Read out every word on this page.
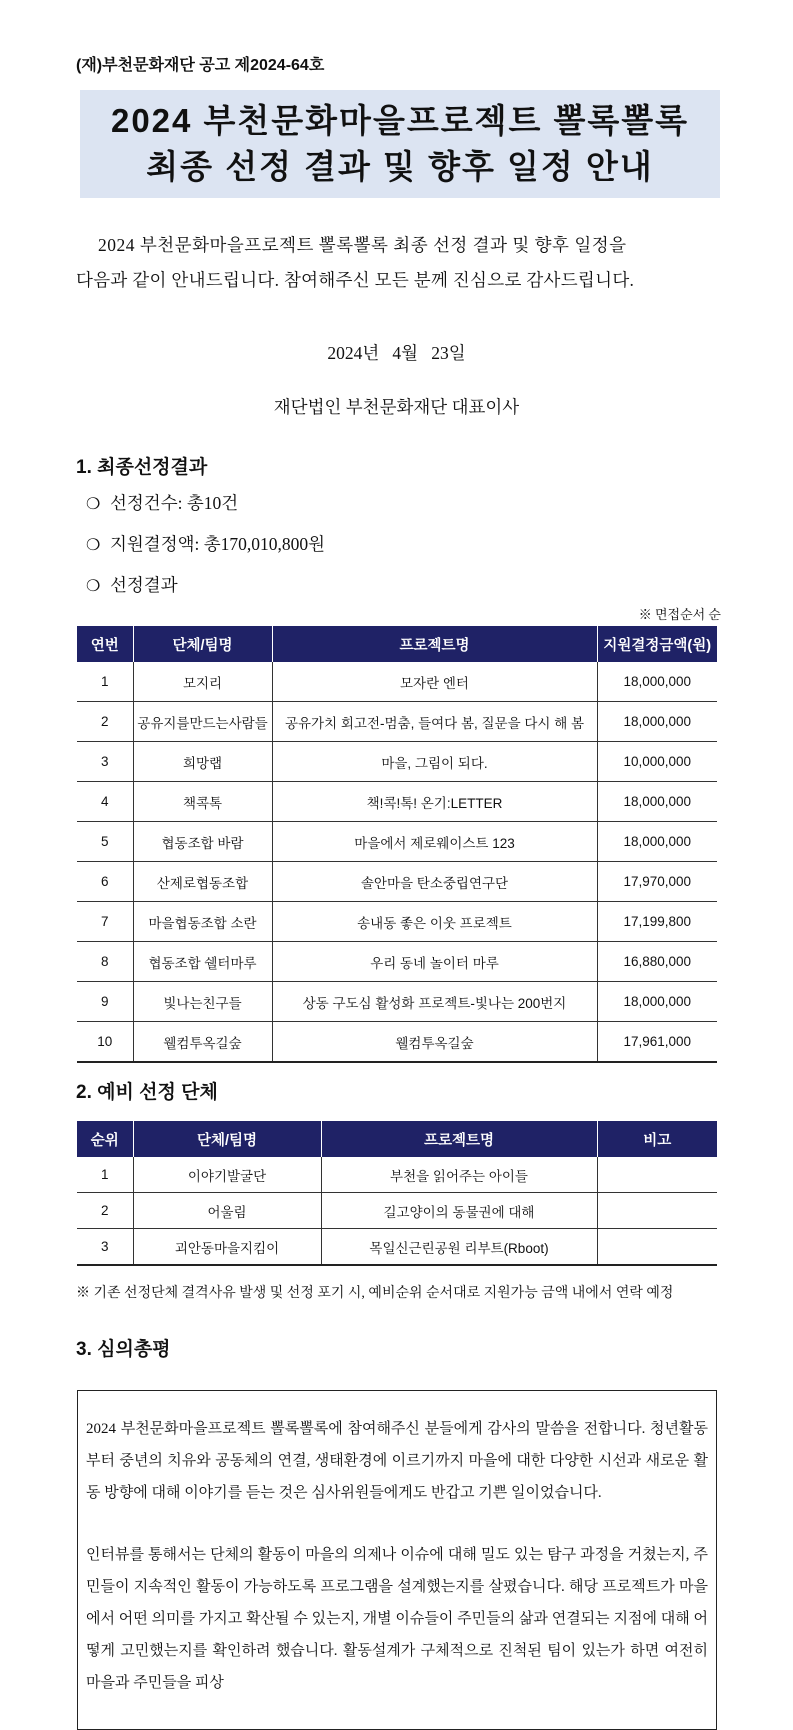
(재)부천문화재단 공고 제2024-64호
2024 부천문화마을프로젝트 뽈록뽈록
최종 선정 결과 및 향후 일정 안내
2024 부천문화마을프로젝트 뽈록뽈록 최종 선정 결과 및 향후 일정을
다음과 같이 안내드립니다. 참여해주신 모든 분께 진심으로 감사드립니다.
2024년   4월   23일
재단법인 부천문화재단 대표이사
1. 최종선정결과
❍ 선정건수: 총10건
❍ 지원결정액: 총170,010,800원
❍ 선정결과
※ 면접순서 순
연번	단체/팀명	프로젝트명	지원결정금액(원)
1	모지리	모자란 엔터	18,000,000
2	공유지를만드는사람들	공유가치 회고전-멈춤, 들여다 봄, 질문을 다시 해 봄	18,000,000
3	희망랩	마을, 그림이 되다.	10,000,000
4	책콕톡	책!콕!톡! 온기:LETTER	18,000,000
5	협동조합 바람	마을에서 제로웨이스트 123	18,000,000
6	산제로협동조합	솔안마을 탄소중립연구단	17,970,000
7	마을협동조합 소란	송내동 좋은 이웃 프로젝트	17,199,800
8	협동조합 쉘터마루	우리 동네 놀이터 마루	16,880,000
9	빛나는친구들	상동 구도심 활성화 프로젝트-빛나는 200번지	18,000,000
10	웰컴투옥길숲	웰컴투옥길숲	17,961,000
2. 예비 선정 단체
순위	단체/팀명	프로젝트명	비고
1	이야기발굴단	부천을 읽어주는 아이들	
2	어울림	길고양이의 동물권에 대해	
3	괴안동마을지킴이	목일신근린공원 리부트(Rboot)	
※ 기존 선정단체 결격사유 발생 및 선정 포기 시, 예비순위 순서대로 지원가능 금액 내에서 연락 예정
3. 심의총평

2024 부천문화마을프로젝트 뽈록뽈록에 참여해주신 분들에게 감사의 말씀을 전합니다. 청년활동부터 중년의 치유와 공동체의 연결, 생태환경에 이르기까지 마을에 대한 다양한 시선과 새로운 활동 방향에 대해 이야기를 듣는 것은 심사위원들에게도 반갑고 기쁜 일이었습니다.

인터뷰를 통해서는 단체의 활동이 마을의 의제나 이슈에 대해 밀도 있는 탐구 과정을 거쳤는지, 주민들이 지속적인 활동이 가능하도록 프로그램을 설계했는지를 살폈습니다. 해당 프로젝트가 마을에서 어떤 의미를 가지고 확산될 수 있는지, 개별 이슈들이 주민들의 삶과 연결되는 지점에 대해 어떻게 고민했는지를 확인하려 했습니다. 활동설계가 구체적으로 진척된 팀이 있는가 하면 여전히 마을과 주민들을 피상
